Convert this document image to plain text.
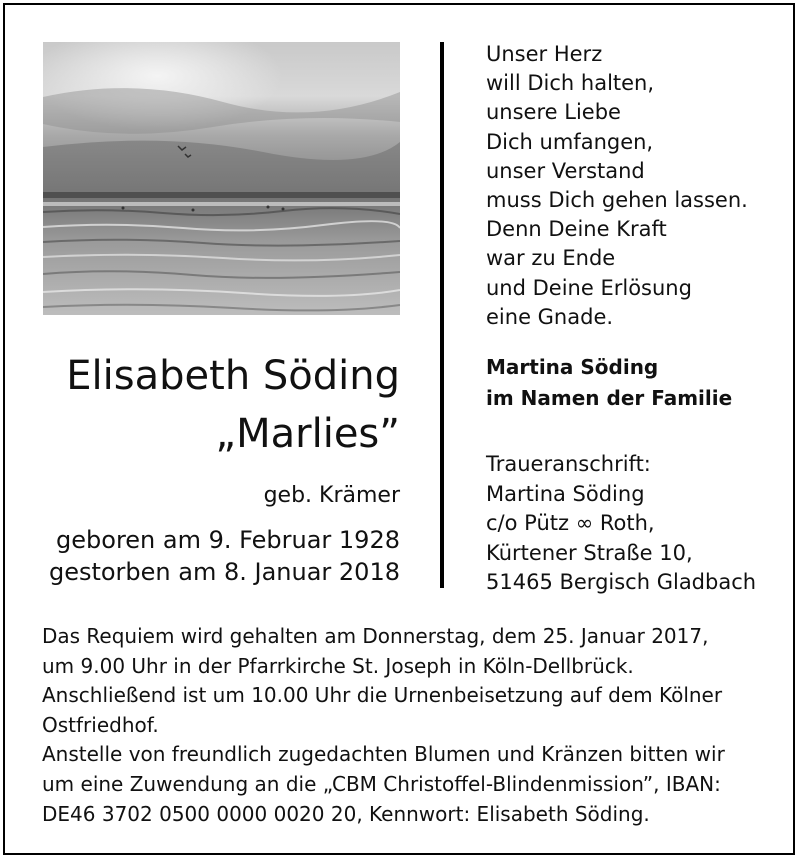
Elisabeth Söding
„Marlies”
geb. Krämer
geboren am 9. Februar 1928
gestorben am 8. Januar 2018
Unser Herz
will Dich halten,
unsere Liebe
Dich umfangen,
unser Verstand
muss Dich gehen lassen.
Denn Deine Kraft
war zu Ende
und Deine Erlösung
eine Gnade.
Martina Söding
im Namen der Familie
Traueranschrift:
Martina Söding
c/o Pütz ∞ Roth,
Kürtener Straße 10,
51465 Bergisch Gladbach
Das Requiem wird gehalten am Donnerstag, dem 25. Januar 2017,
um 9.00 Uhr in der Pfarrkirche St. Joseph in Köln-Dellbrück.
Anschließend ist um 10.00 Uhr die Urnenbeisetzung auf dem Kölner
Ostfriedhof.
Anstelle von freundlich zugedachten Blumen und Kränzen bitten wir
um eine Zuwendung an die „CBM Christoffel-Blindenmission”, IBAN:
DE46 3702 0500 0000 0020 20, Kennwort: Elisabeth Söding.
